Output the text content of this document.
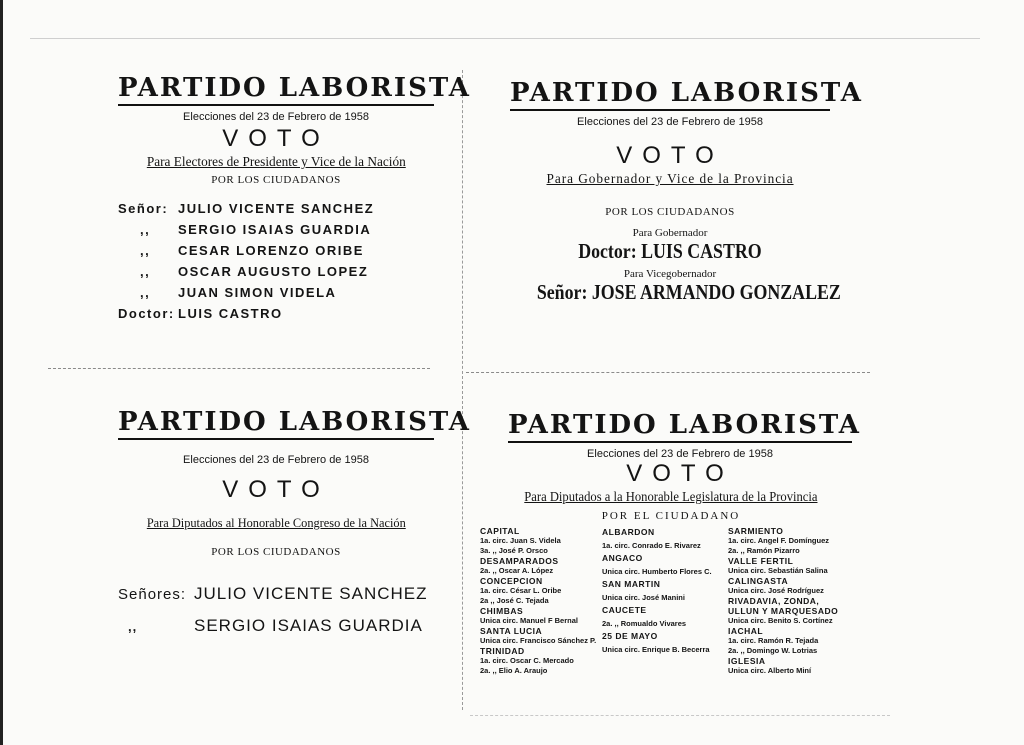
PARTIDO LABORISTA
Elecciones del 23 de Febrero de 1958
VOTO
Para Electores de Presidente y Vice de la Nación
POR LOS CIUDADANOS
Señor: JULIO VICENTE SANCHEZ
,,	SERGIO ISAIAS GUARDIA
,,	CESAR LORENZO ORIBE
,,	OSCAR AUGUSTO LOPEZ
,,	JUAN SIMON VIDELA
Doctor: LUIS CASTRO
PARTIDO LABORISTA
Elecciones del 23 de Febrero de 1958
VOTO
Para Gobernador y Vice de la Provincia
POR LOS CIUDADANOS
Para Gobernador
Doctor: LUIS CASTRO
Para Vicegobernador
Señor: JOSE ARMANDO GONZALEZ
PARTIDO LABORISTA
Elecciones del 23 de Febrero de 1958
VOTO
Para Diputados al Honorable Congreso de la Nación
POR LOS CIUDADANOS
Señores: JULIO VICENTE SANCHEZ
,,	SERGIO ISAIAS GUARDIA
PARTIDO LABORISTA
Elecciones del 23 de Febrero de 1958
VOTO
Para Diputados a la Honorable Legislatura de la Provincia
POR EL CIUDADANO
CAPITAL
1a. circ. Juan S. Videla
3a. ,, José P. Orsco
DESAMPARADOS
2a. ,, Oscar A. López
CONCEPCION
1a. circ. César L. Oribe
2a ,, José C. Tejada
CHIMBAS
Unica circ. Manuel F Bernal
SANTA LUCIA
Unica circ. Francisco Sánchez P.
TRINIDAD
1a. circ. Oscar C. Mercado
2a. ,, Elio A. Araujo
ALBARDON
1a. circ. Conrado E. Rivarez
ANGACO
Unica circ. Humberto Flores C.
SAN MARTIN
Unica circ. José Manini
CAUCETE
2a. ,, Romualdo Vivares
25 DE MAYO
Unica circ. Enrique B. Becerra
SARMIENTO
1a. circ. Angel F. Domínguez
2a. ,, Ramón Pizarro
VALLE FERTIL
Unica circ. Sebastián Salina
CALINGASTA
Unica circ. José Rodríguez
RIVADAVIA, ZONDA,
ULLUN Y MARQUESADO
Unica circ. Benito S. Cortínez
IACHAL
1a. circ. Ramón R. Tejada
2a. ,, Domingo W. Lotrias
IGLESIA
Unica circ. Alberto Miní
